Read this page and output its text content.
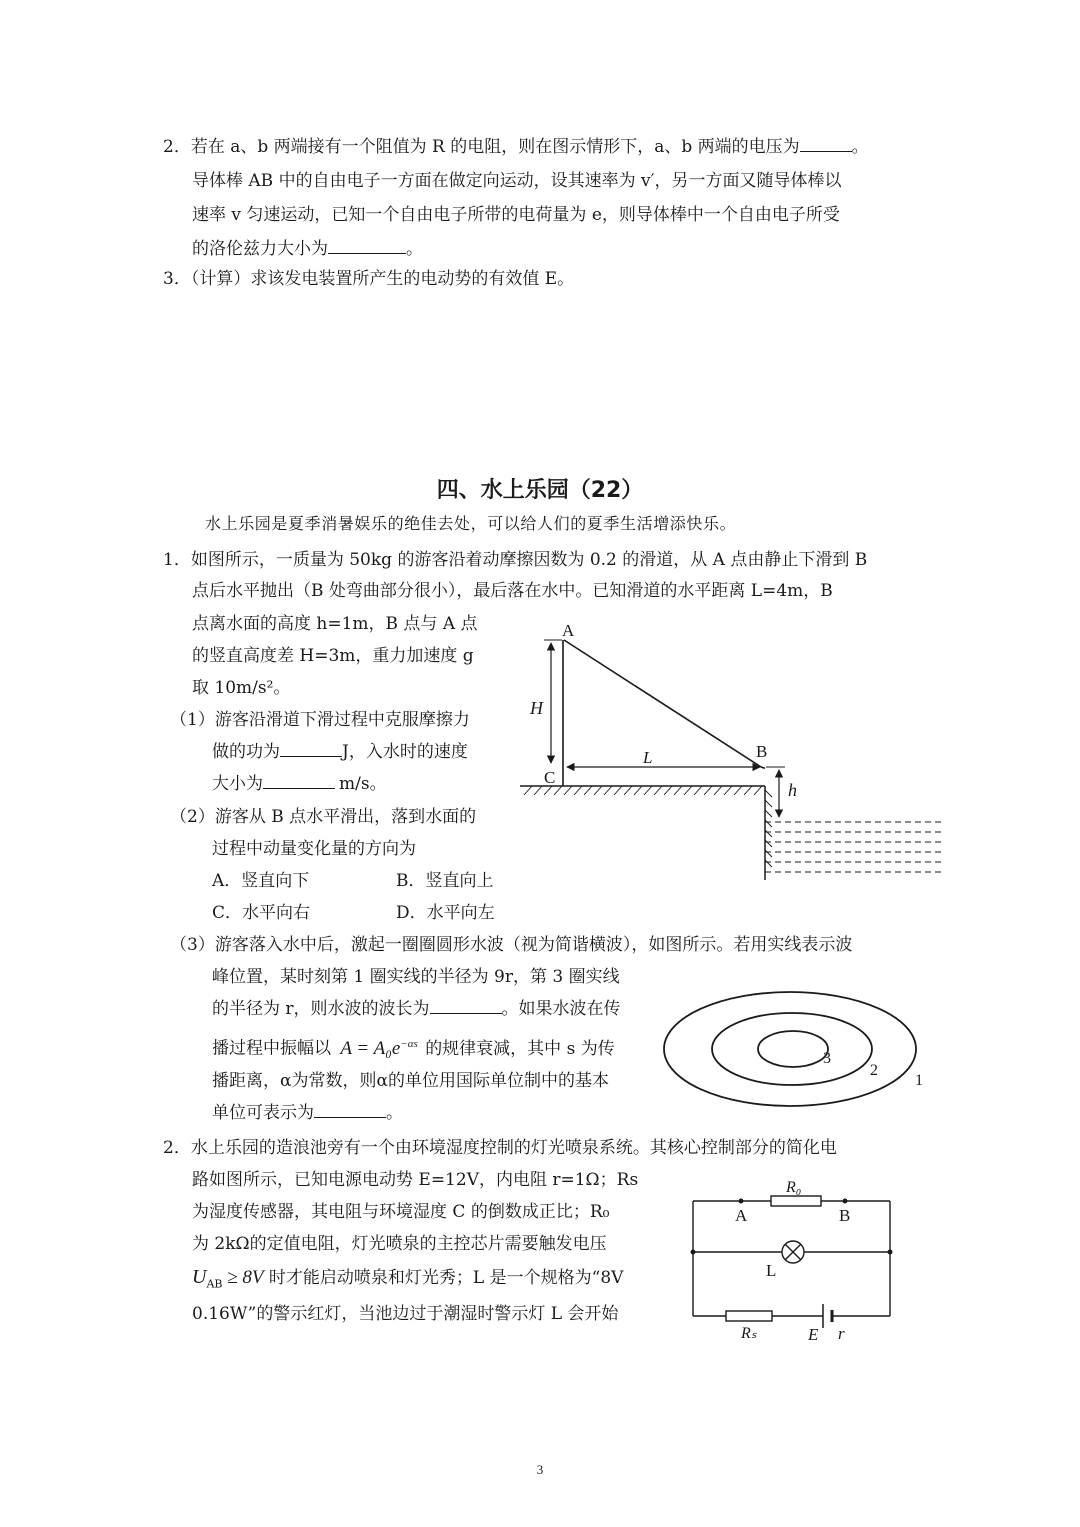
2．若在 a、b 两端接有一个阻值为 R 的电阻，则在图示情形下，a、b 两端的电压为	。
导体棒 AB 中的自由电子一方面在做定向运动，设其速率为 v′，另一方面又随导体棒以
速率 v 匀速运动，已知一个自由电子所带的电荷量为 e，则导体棒中一个自由电子所受
的洛伦兹力大小为	。
3．（计算）求该发电装置所产生的电动势的有效值 E。
四、水上乐园（22）
水上乐园是夏季消暑娱乐的绝佳去处，可以给人们的夏季生活增添快乐。
1．如图所示，一质量为 50kg 的游客沿着动摩擦因数为 0.2 的滑道，从 A 点由静止下滑到 B
点后水平抛出（B 处弯曲部分很小），最后落在水中。已知滑道的水平距离 L=4m，B
点离水面的高度 h=1m，B 点与 A 点
的竖直高度差 H=3m，重力加速度 g
取 10m/s²。
（1）游客沿滑道下滑过程中克服摩擦力
做的功为	J，入水时的速度
大小为	m/s。
（2）游客从 B 点水平滑出，落到水面的
过程中动量变化量的方向为
A．竖直向下	B．竖直向上
C．水平向右	D．水平向左
（3）游客落入水中后，激起一圈圈圆形水波（视为简谐横波），如图所示。若用实线表示波
峰位置，某时刻第 1 圈实线的半径为 9r，第 3 圈实线
的半径为 r，则水波的波长为	。如果水波在传
播过程中振幅以 $A = A_0e^{-\alpha s}$ 的规律衰减，其中 s 为传
播距离，α为常数，则α的单位用国际单位制中的基本
单位可表示为	。
2．水上乐园的造浪池旁有一个由环境湿度控制的灯光喷泉系统。其核心控制部分的简化电
路如图所示，已知电源电动势 E=12V，内电阻 r=1Ω；Rs
为湿度传感器，其电阻与环境湿度 C 的倒数成正比；R₀
为 2kΩ的定值电阻，灯光喷泉的主控芯片需要触发电压
$U_{AB} \ge 8V$ 时才能启动喷泉和灯光秀；L 是一个规格为“8V
0.16W”的警示红灯，当池边过于潮湿时警示灯 L 会开始
A
B
C
H
L
h
3
2
1
R₀
A	B
L
Rₛ	E r
3
